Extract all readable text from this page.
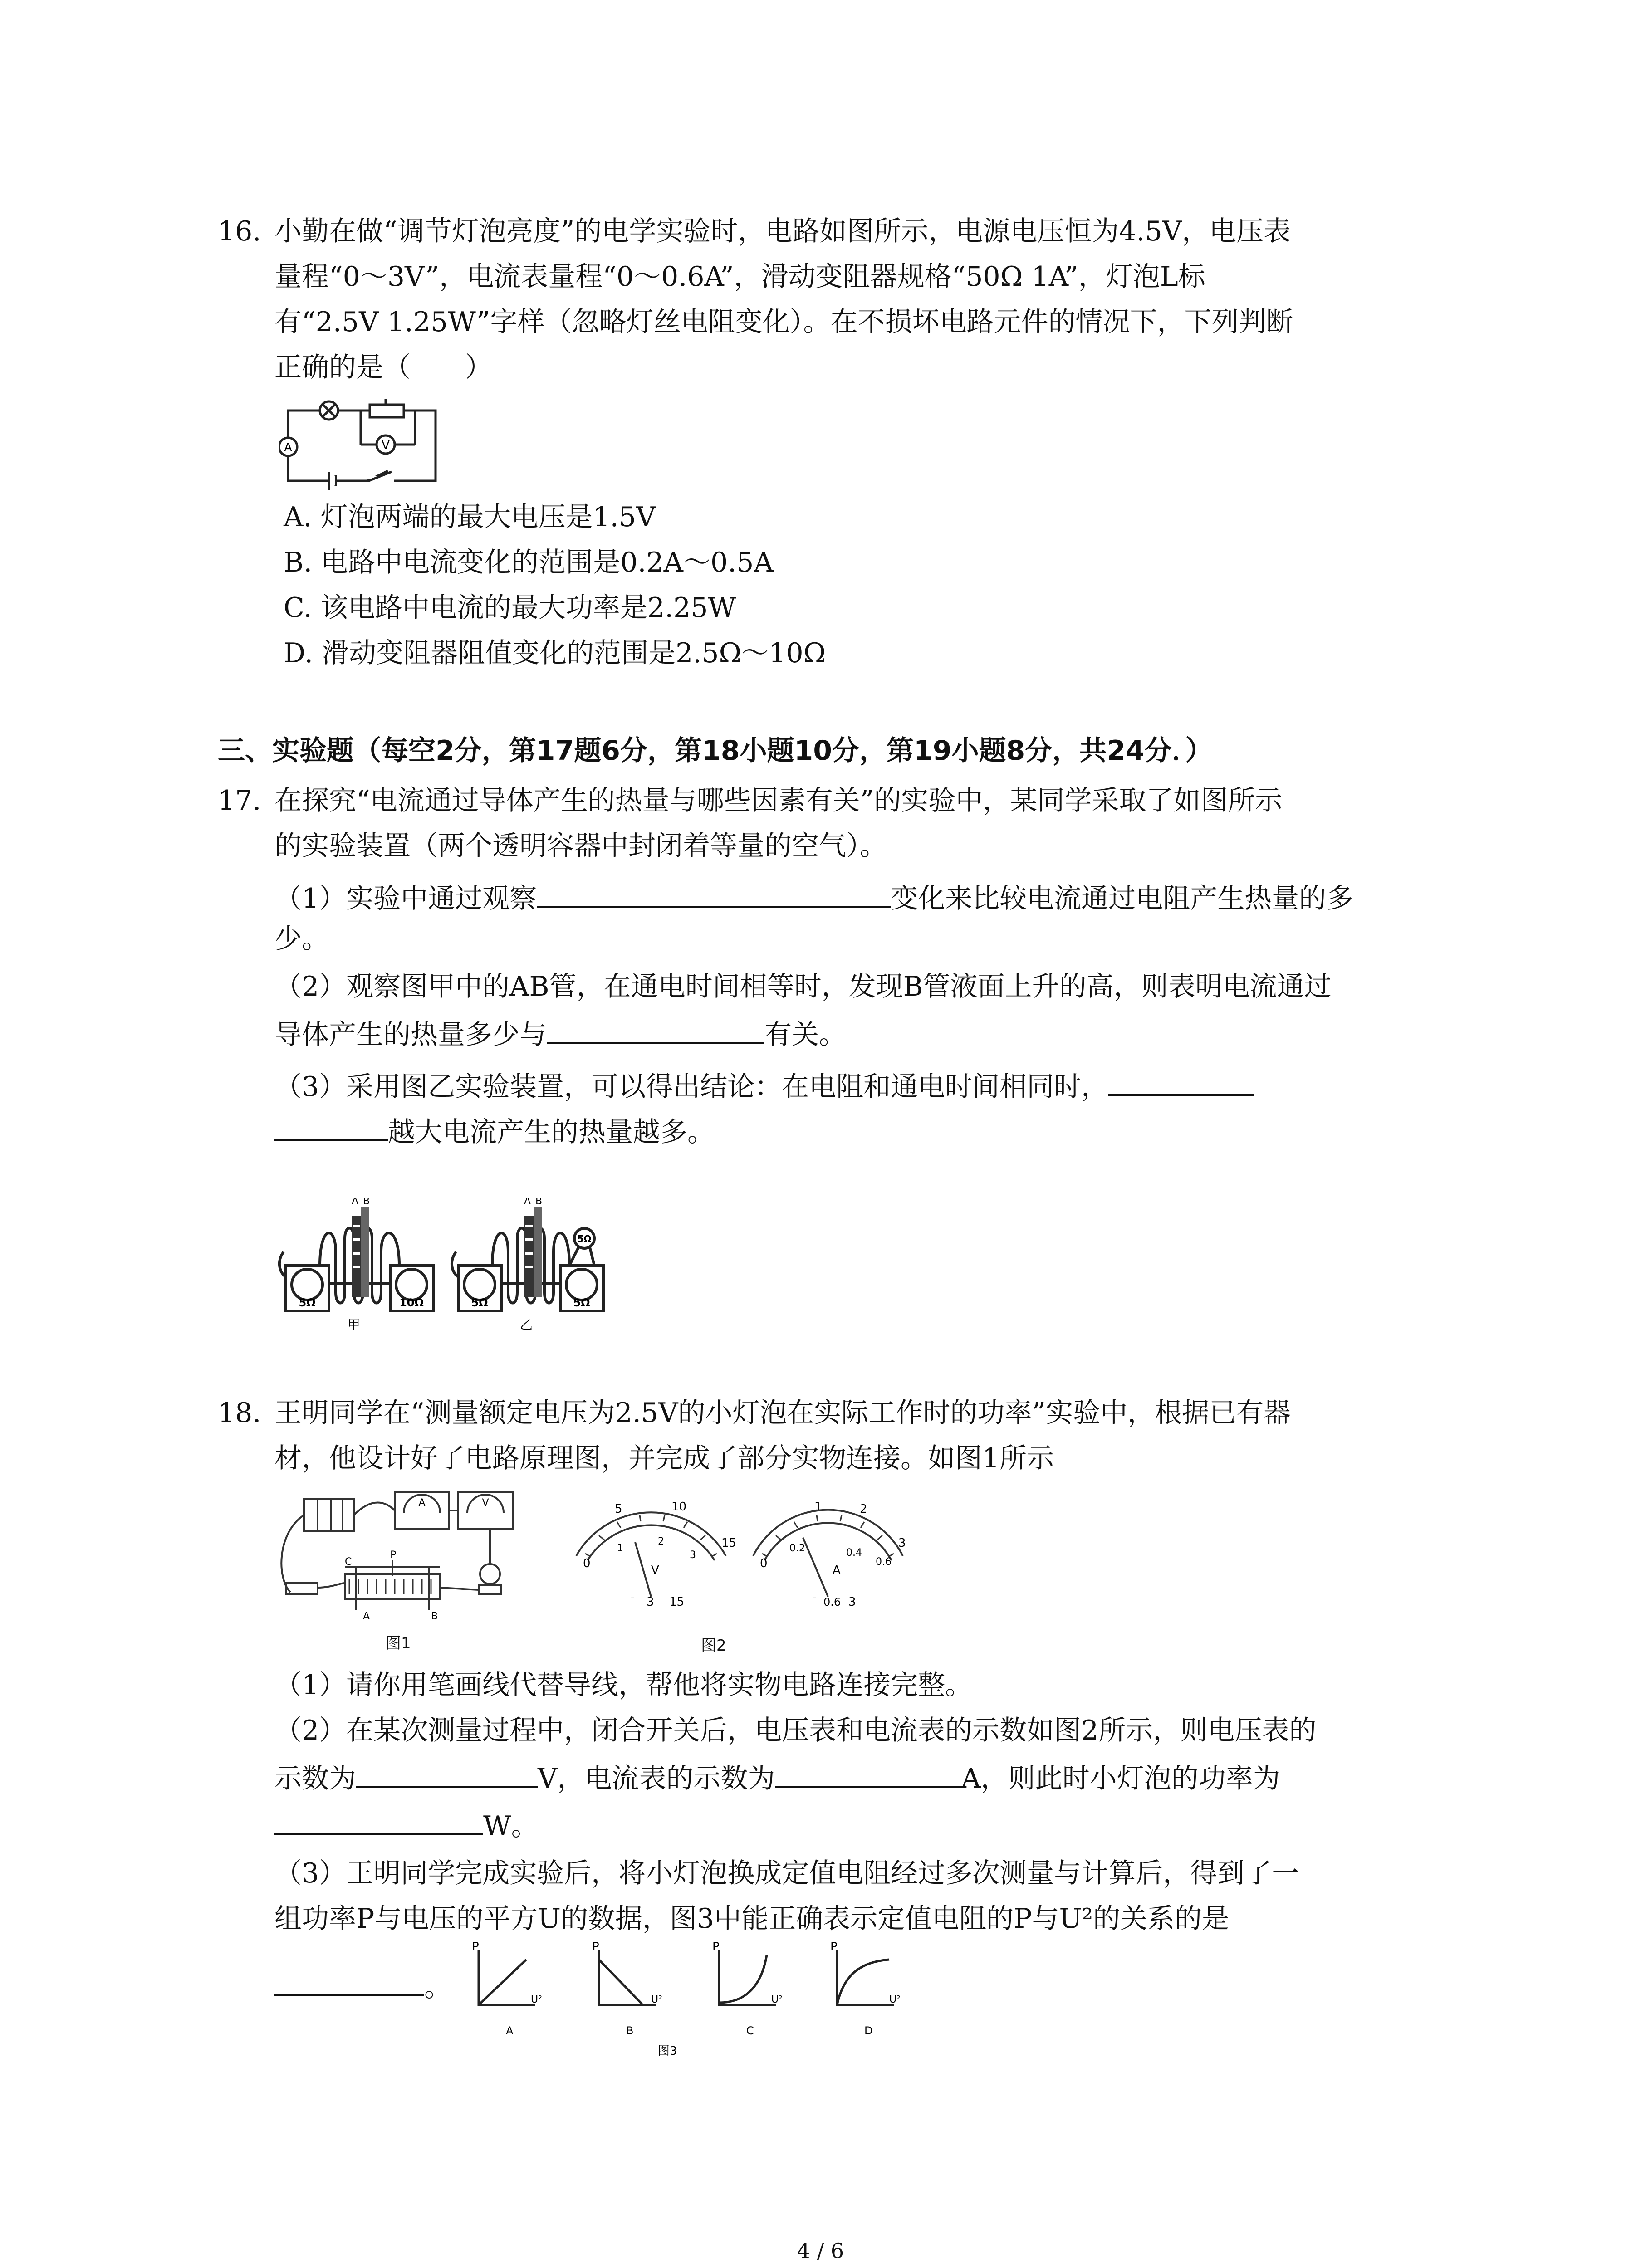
16. 小勤在做“调节灯泡亮度”的电学实验时，电路如图所示，电源电压恒为4.5V，电压表
量程“0～3V”，电流表量程“0～0.6A”，滑动变阻器规格“50Ω 1A”，灯泡L标
有“2.5V 1.25W”字样（忽略灯丝电阻变化）。在不损坏电路元件的情况下，下列判断
正确的是（　　）
A	V
A. 灯泡两端的最大电压是1.5V
B. 电路中电流变化的范围是0.2A～0.5A
C. 该电路中电流的最大功率是2.25W
D. 滑动变阻器阻值变化的范围是2.5Ω～10Ω
三、实验题（每空2分，第17题6分，第18小题10分，第19小题8分，共24分．）
17. 在探究“电流通过导体产生的热量与哪些因素有关”的实验中，某同学采取了如图所示
的实验装置（两个透明容器中封闭着等量的空气）。
（1）实验中通过观察	变化来比较电流通过电阻产生热量的多
少。
（2）观察图甲中的AB管，在通电时间相等时，发现B管液面上升的高，则表明电流通过
导体产生的热量多少与	有关。
（3）采用图乙实验装置，可以得出结论：在电阻和通电时间相同时，
越大电流产生的热量越多。
A B	A B
5Ω	10Ω	5Ω	5Ω
5Ω
甲	乙
18. 王明同学在“测量额定电压为2.5V的小灯泡在实际工作时的功率”实验中，根据已有器
材，他设计好了电路原理图，并完成了部分实物连接。如图1所示
A	V
C
P
A	B
图1
0
5	10
15
1
2
3
V
- 3 15
0
1	2
3
0.2	0.4
0.6
A
- 0.6 3
图2
（1）请你用笔画线代替导线，帮他将实物电路连接完整。
（2）在某次测量过程中，闭合开关后，电压表和电流表的示数如图2所示，则电压表的
示数为	V，电流表的示数为	A，则此时小灯泡的功率为
W。
（3）王明同学完成实验后，将小灯泡换成定值电阻经过多次测量与计算后，得到了一
组功率P与电压的平方U的数据，图3中能正确表示定值电阻的P与U²的关系的是
。
P
U²
A
P
U²
B
P
U²
C
P
U²
D
图3
4 / 6
